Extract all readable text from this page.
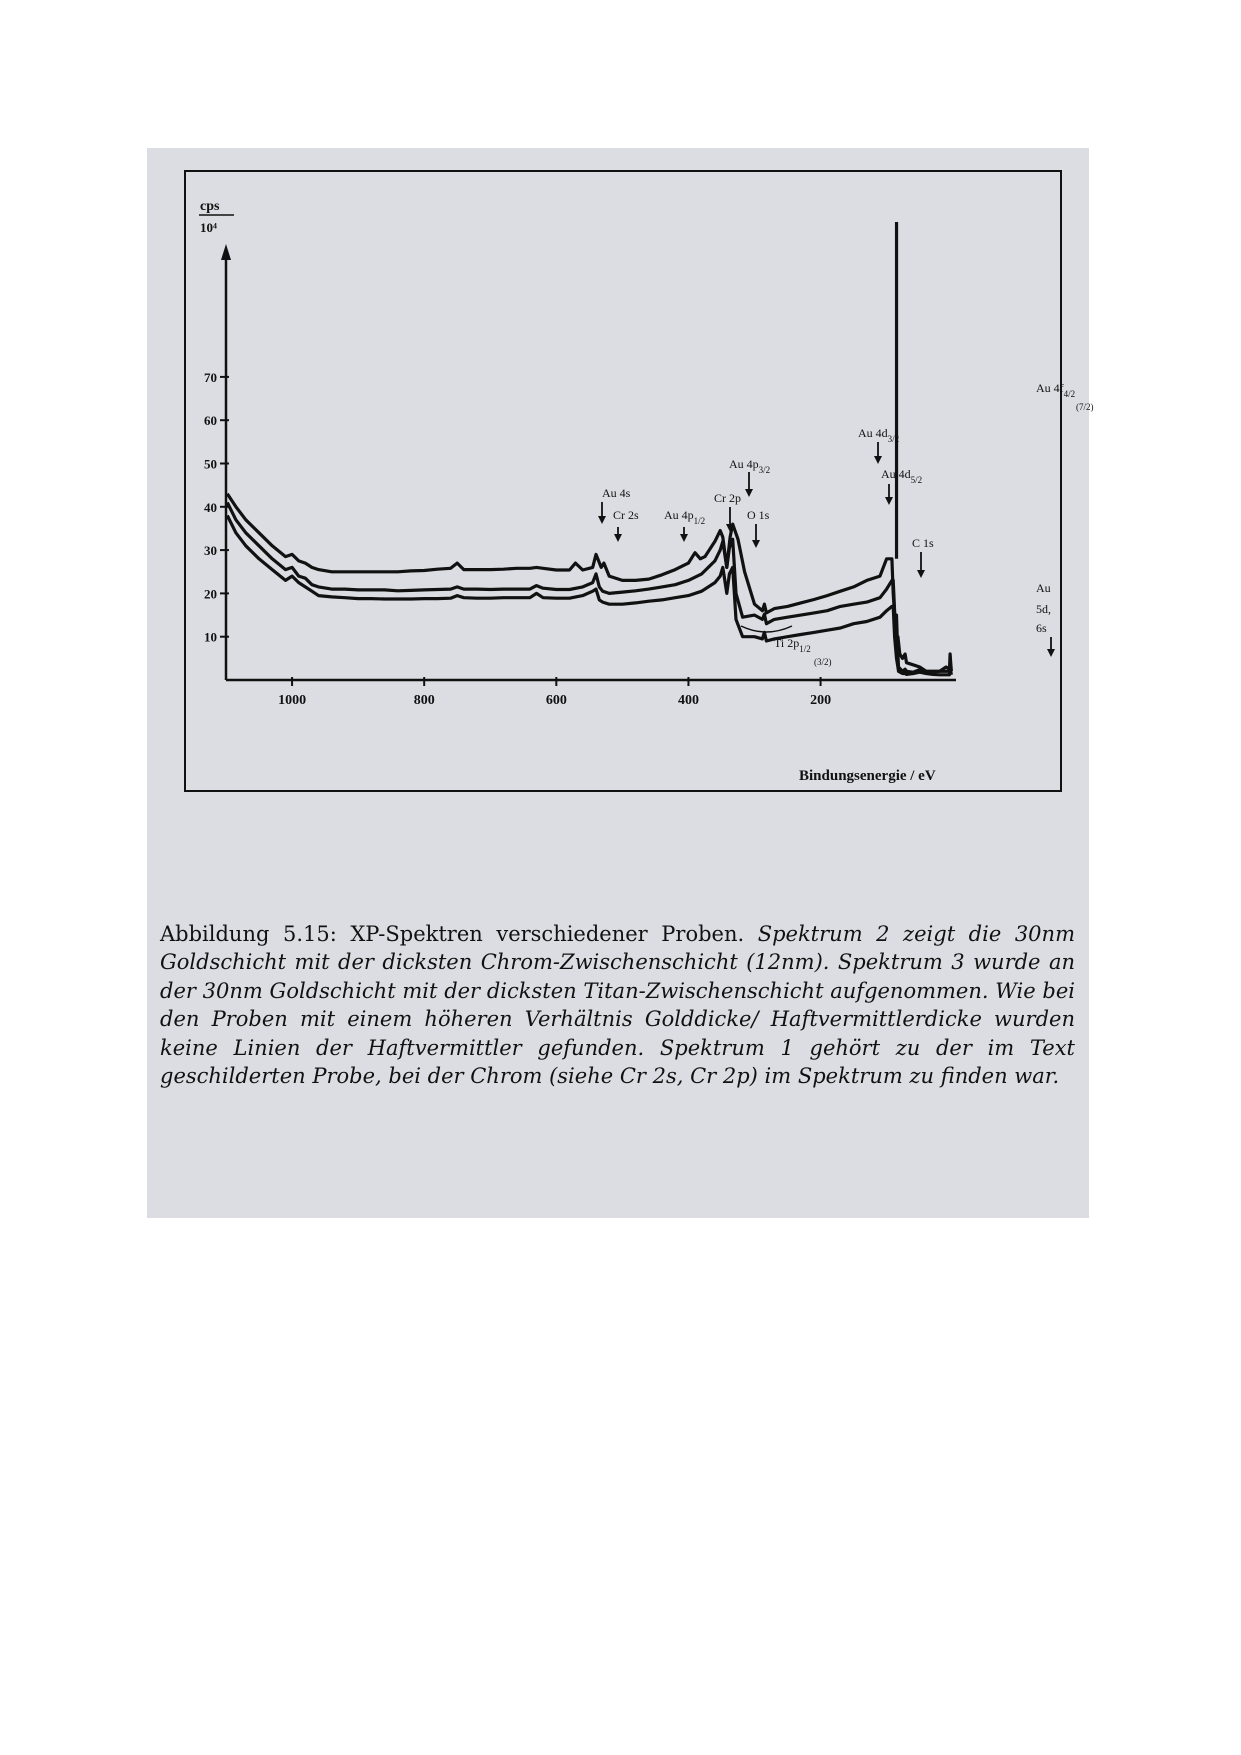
cps
10⁴
Bindungsenergie / eV
10
20
30
40
50
60
70
1000	800	600	400	200
Au 4s
Cr 2s Au $4p_{1/2}$
Au $4p_{3/2}$
Cr 2p
O 1s
Au $4d_{3/2}$
Au $4d_{5/2}$
C 1s
Au $4f_{4/2}$
(7/2)
Au
5d,
6s
Ti $2p_{1/2}$
(3/2)
Abbildung 5.15: XP-Spektren verschiedener Proben. Spektrum 2 zeigt die 30nm Goldschicht mit der dicksten Chrom-Zwischenschicht (12nm). Spektrum 3 wurde an der 30nm Goldschicht mit der dicksten Titan-Zwischenschicht aufgenommen. Wie bei den Proben mit einem höheren Verhältnis Golddicke/ Haftvermittlerdicke wurden keine Linien der Haftvermittler gefunden. Spektrum 1 gehört zu der im Text geschilderten Probe, bei der Chrom (siehe Cr 2s, Cr 2p) im Spektrum zu finden war.
